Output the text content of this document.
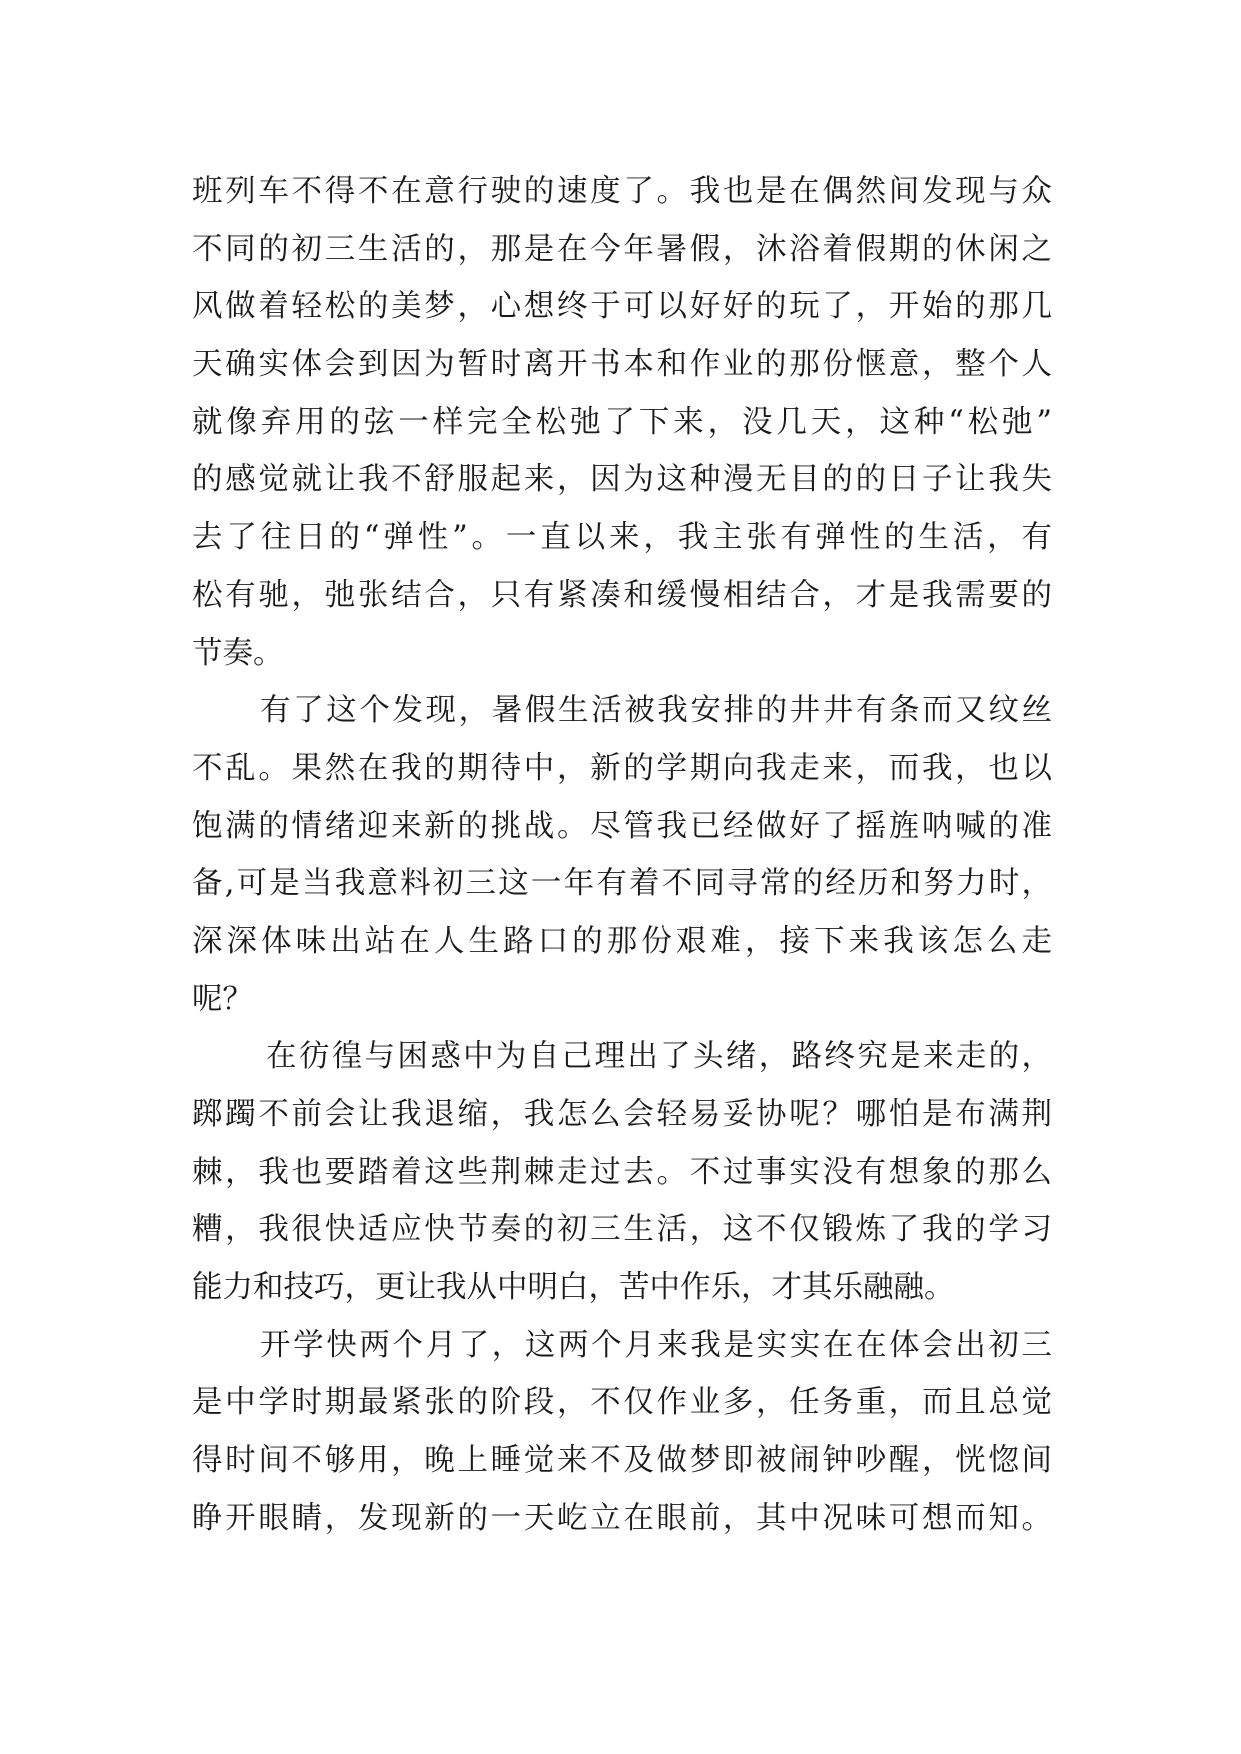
班列车不得不在意行驶的速度了。我也是在偶然间发现与众
不同的初三生活的，那是在今年暑假，沐浴着假期的休闲之
风做着轻松的美梦，心想终于可以好好的玩了，开始的那几
天确实体会到因为暂时离开书本和作业的那份惬意，整个人
就像弃用的弦一样完全松弛了下来，没几天，这种“松弛”
的感觉就让我不舒服起来，因为这种漫无目的的日子让我失
去了往日的“弹性”。一直以来，我主张有弹性的生活，有
松有驰，弛张结合，只有紧凑和缓慢相结合，才是我需要的
节奏。
有了这个发现，暑假生活被我安排的井井有条而又纹丝
不乱。果然在我的期待中，新的学期向我走来，而我，也以
饱满的情绪迎来新的挑战。尽管我已经做好了摇旌呐喊的准
备,可是当我意料初三这一年有着不同寻常的经历和努力时，
深深体味出站在人生路口的那份艰难，接下来我该怎么走
呢？
在彷徨与困惑中为自己理出了头绪，路终究是来走的，
踯躅不前会让我退缩，我怎么会轻易妥协呢？哪怕是布满荆
棘，我也要踏着这些荆棘走过去。不过事实没有想象的那么
糟，我很快适应快节奏的初三生活，这不仅锻炼了我的学习
能力和技巧，更让我从中明白，苦中作乐，才其乐融融。
开学快两个月了，这两个月来我是实实在在体会出初三
是中学时期最紧张的阶段，不仅作业多，任务重，而且总觉
得时间不够用，晚上睡觉来不及做梦即被闹钟吵醒，恍惚间
睁开眼睛，发现新的一天屹立在眼前，其中况味可想而知。
